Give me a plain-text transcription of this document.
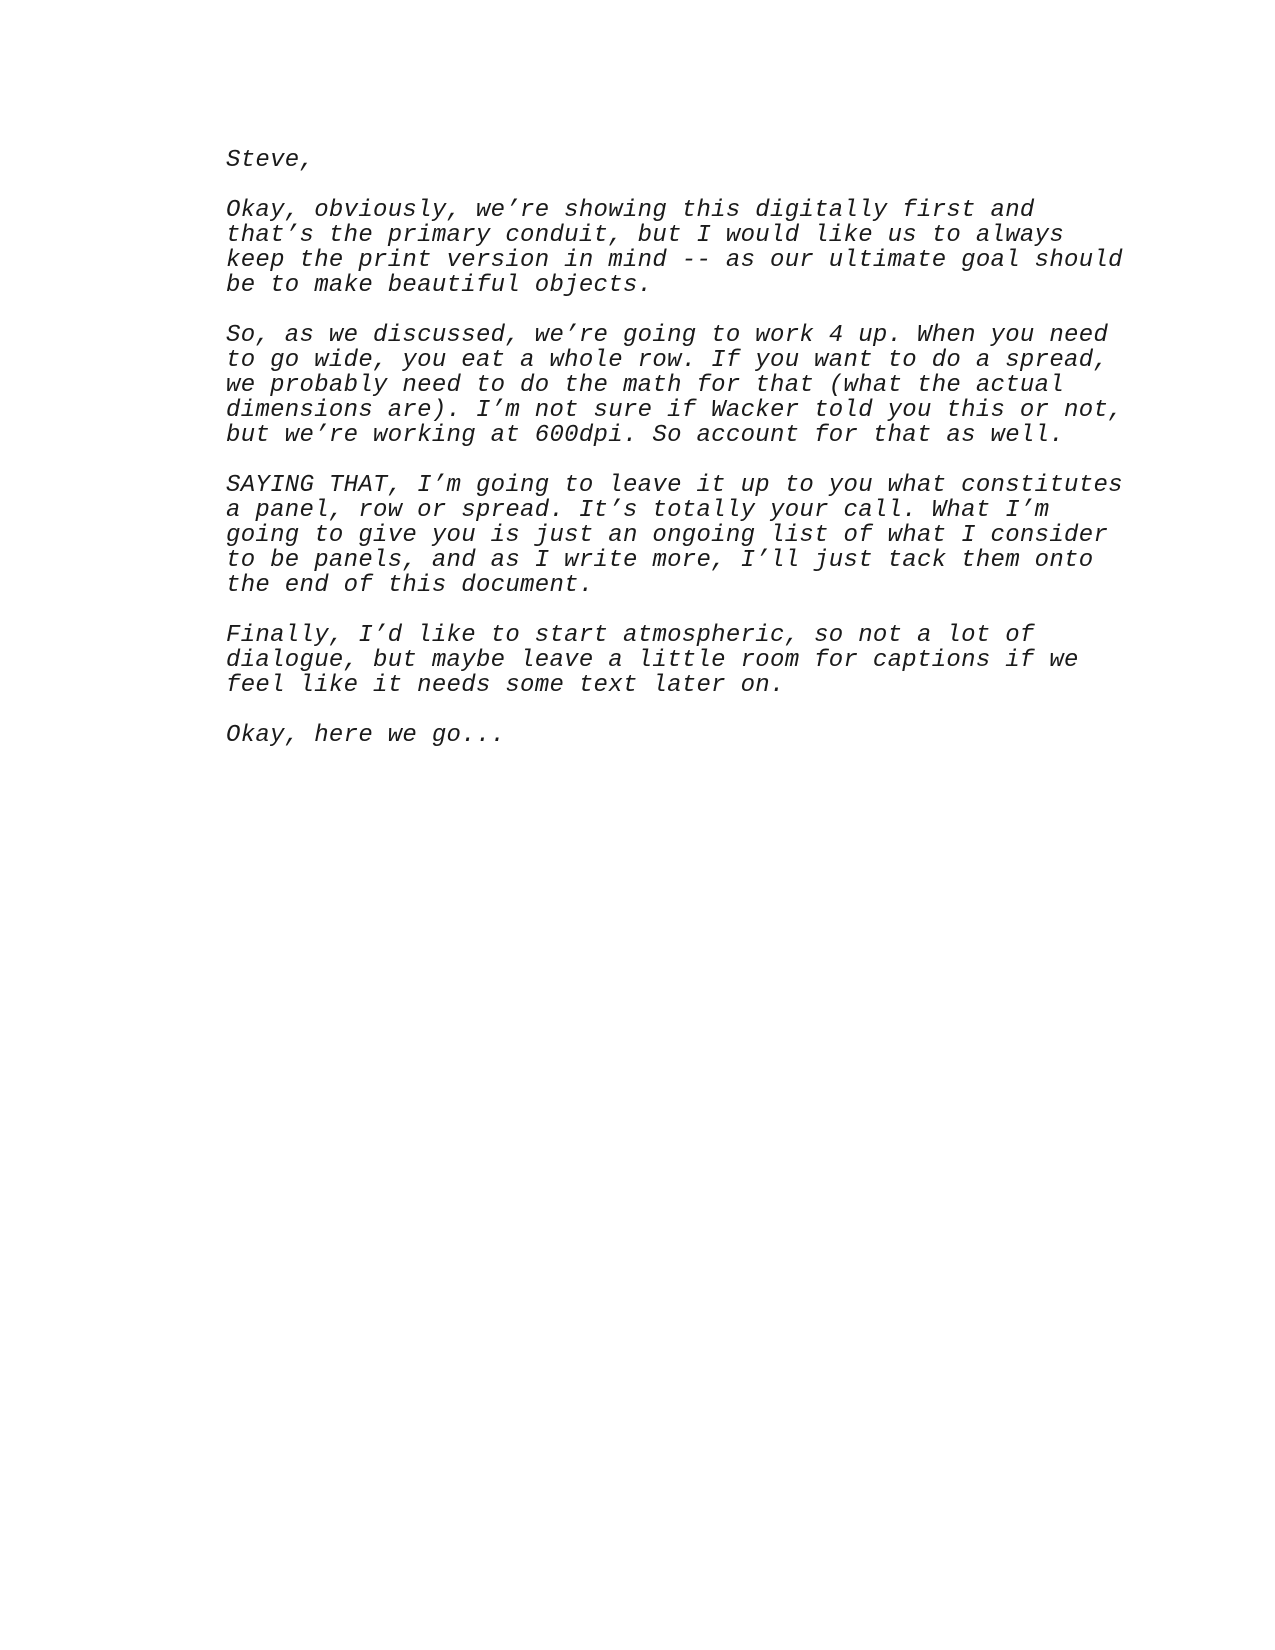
Steve,

Okay, obviously, we’re showing this digitally first and
that’s the primary conduit, but I would like us to always
keep the print version in mind -- as our ultimate goal should
be to make beautiful objects.

So, as we discussed, we’re going to work 4 up. When you need
to go wide, you eat a whole row. If you want to do a spread,
we probably need to do the math for that (what the actual
dimensions are). I’m not sure if Wacker told you this or not,
but we’re working at 600dpi. So account for that as well.

SAYING THAT, I’m going to leave it up to you what constitutes
a panel, row or spread. It’s totally your call. What I’m
going to give you is just an ongoing list of what I consider
to be panels, and as I write more, I’ll just tack them onto
the end of this document.

Finally, I’d like to start atmospheric, so not a lot of
dialogue, but maybe leave a little room for captions if we
feel like it needs some text later on.

Okay, here we go...
